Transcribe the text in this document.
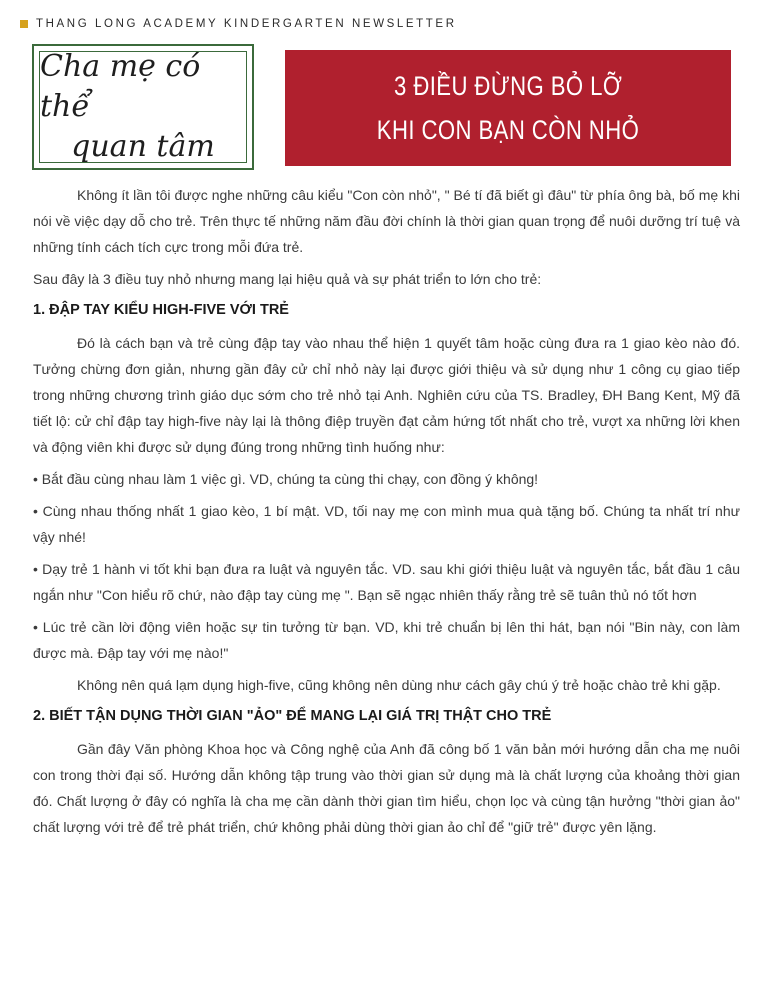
THANG LONG ACADEMY KINDERGARTEN NEWSLETTER
Cha mẹ có thể
quan tâm
3 ĐIỀU ĐỪNG BỎ LỠ
KHI CON BẠN CÒN NHỎ

Không ít lần tôi được nghe những câu kiểu "Con còn nhỏ", " Bé tí đã biết gì đâu" từ phía ông bà, bố mẹ khi nói về việc dạy dỗ cho trẻ. Trên thực tế những năm đầu đời chính là thời gian quan trọng để nuôi dưỡng trí tuệ và những tính cách tích cực trong mỗi đứa trẻ.

Sau đây là 3 điều tuy nhỏ nhưng mang lại hiệu quả và sự phát triển to lớn cho trẻ:

1. ĐẬP TAY KIỂU HIGH-FIVE VỚI TRẺ

Đó là cách bạn và trẻ cùng đập tay vào nhau thể hiện 1 quyết tâm hoặc cùng đưa ra 1 giao kèo nào đó. Tưởng chừng đơn giản, nhưng gần đây cử chỉ nhỏ này lại được giới thiệu và sử dụng như 1 công cụ giao tiếp trong những chương trình giáo dục sớm cho trẻ nhỏ tại Anh. Nghiên cứu của TS. Bradley, ĐH Bang Kent, Mỹ đã tiết lộ: cử chỉ đập tay high-five này lại là thông điệp truyền đạt cảm hứng tốt nhất cho trẻ, vượt xa những lời khen và động viên khi được sử dụng đúng trong những tình huống như:

• Bắt đầu cùng nhau làm 1 việc gì. VD, chúng ta cùng thi chạy, con đồng ý không!

• Cùng nhau thống nhất 1 giao kèo, 1 bí mật. VD, tối nay mẹ con mình mua quà tặng bố. Chúng ta nhất trí như vậy nhé!

• Dạy trẻ 1 hành vi tốt khi bạn đưa ra luật và nguyên tắc. VD. sau khi giới thiệu luật và nguyên tắc, bắt đầu 1 câu ngắn như "Con hiểu rõ chứ, nào đập tay cùng mẹ ". Bạn sẽ ngạc nhiên thấy rằng trẻ sẽ tuân thủ nó tốt hơn

• Lúc trẻ cần lời động viên hoặc sự tin tưởng từ bạn. VD, khi trẻ chuẩn bị lên thi hát, bạn nói "Bin này, con làm được mà. Đập tay với mẹ nào!"

Không nên quá lạm dụng high-five, cũng không nên dùng như cách gây chú ý trẻ hoặc chào trẻ khi gặp.

2. BIẾT TẬN DỤNG THỜI GIAN "ẢO" ĐỂ MANG LẠI GIÁ TRỊ THẬT CHO TRẺ

Gần đây Văn phòng Khoa học và Công nghệ của Anh đã công bố 1 văn bản mới hướng dẫn cha mẹ nuôi con trong thời đại số. Hướng dẫn không tập trung vào thời gian sử dụng mà là chất lượng của khoảng thời gian đó. Chất lượng ở đây có nghĩa là cha mẹ cần dành thời gian tìm hiểu, chọn lọc và cùng tận hưởng "thời gian ảo" chất lượng với trẻ để trẻ phát triển, chứ không phải dùng thời gian ảo chỉ để "giữ trẻ" được yên lặng.
